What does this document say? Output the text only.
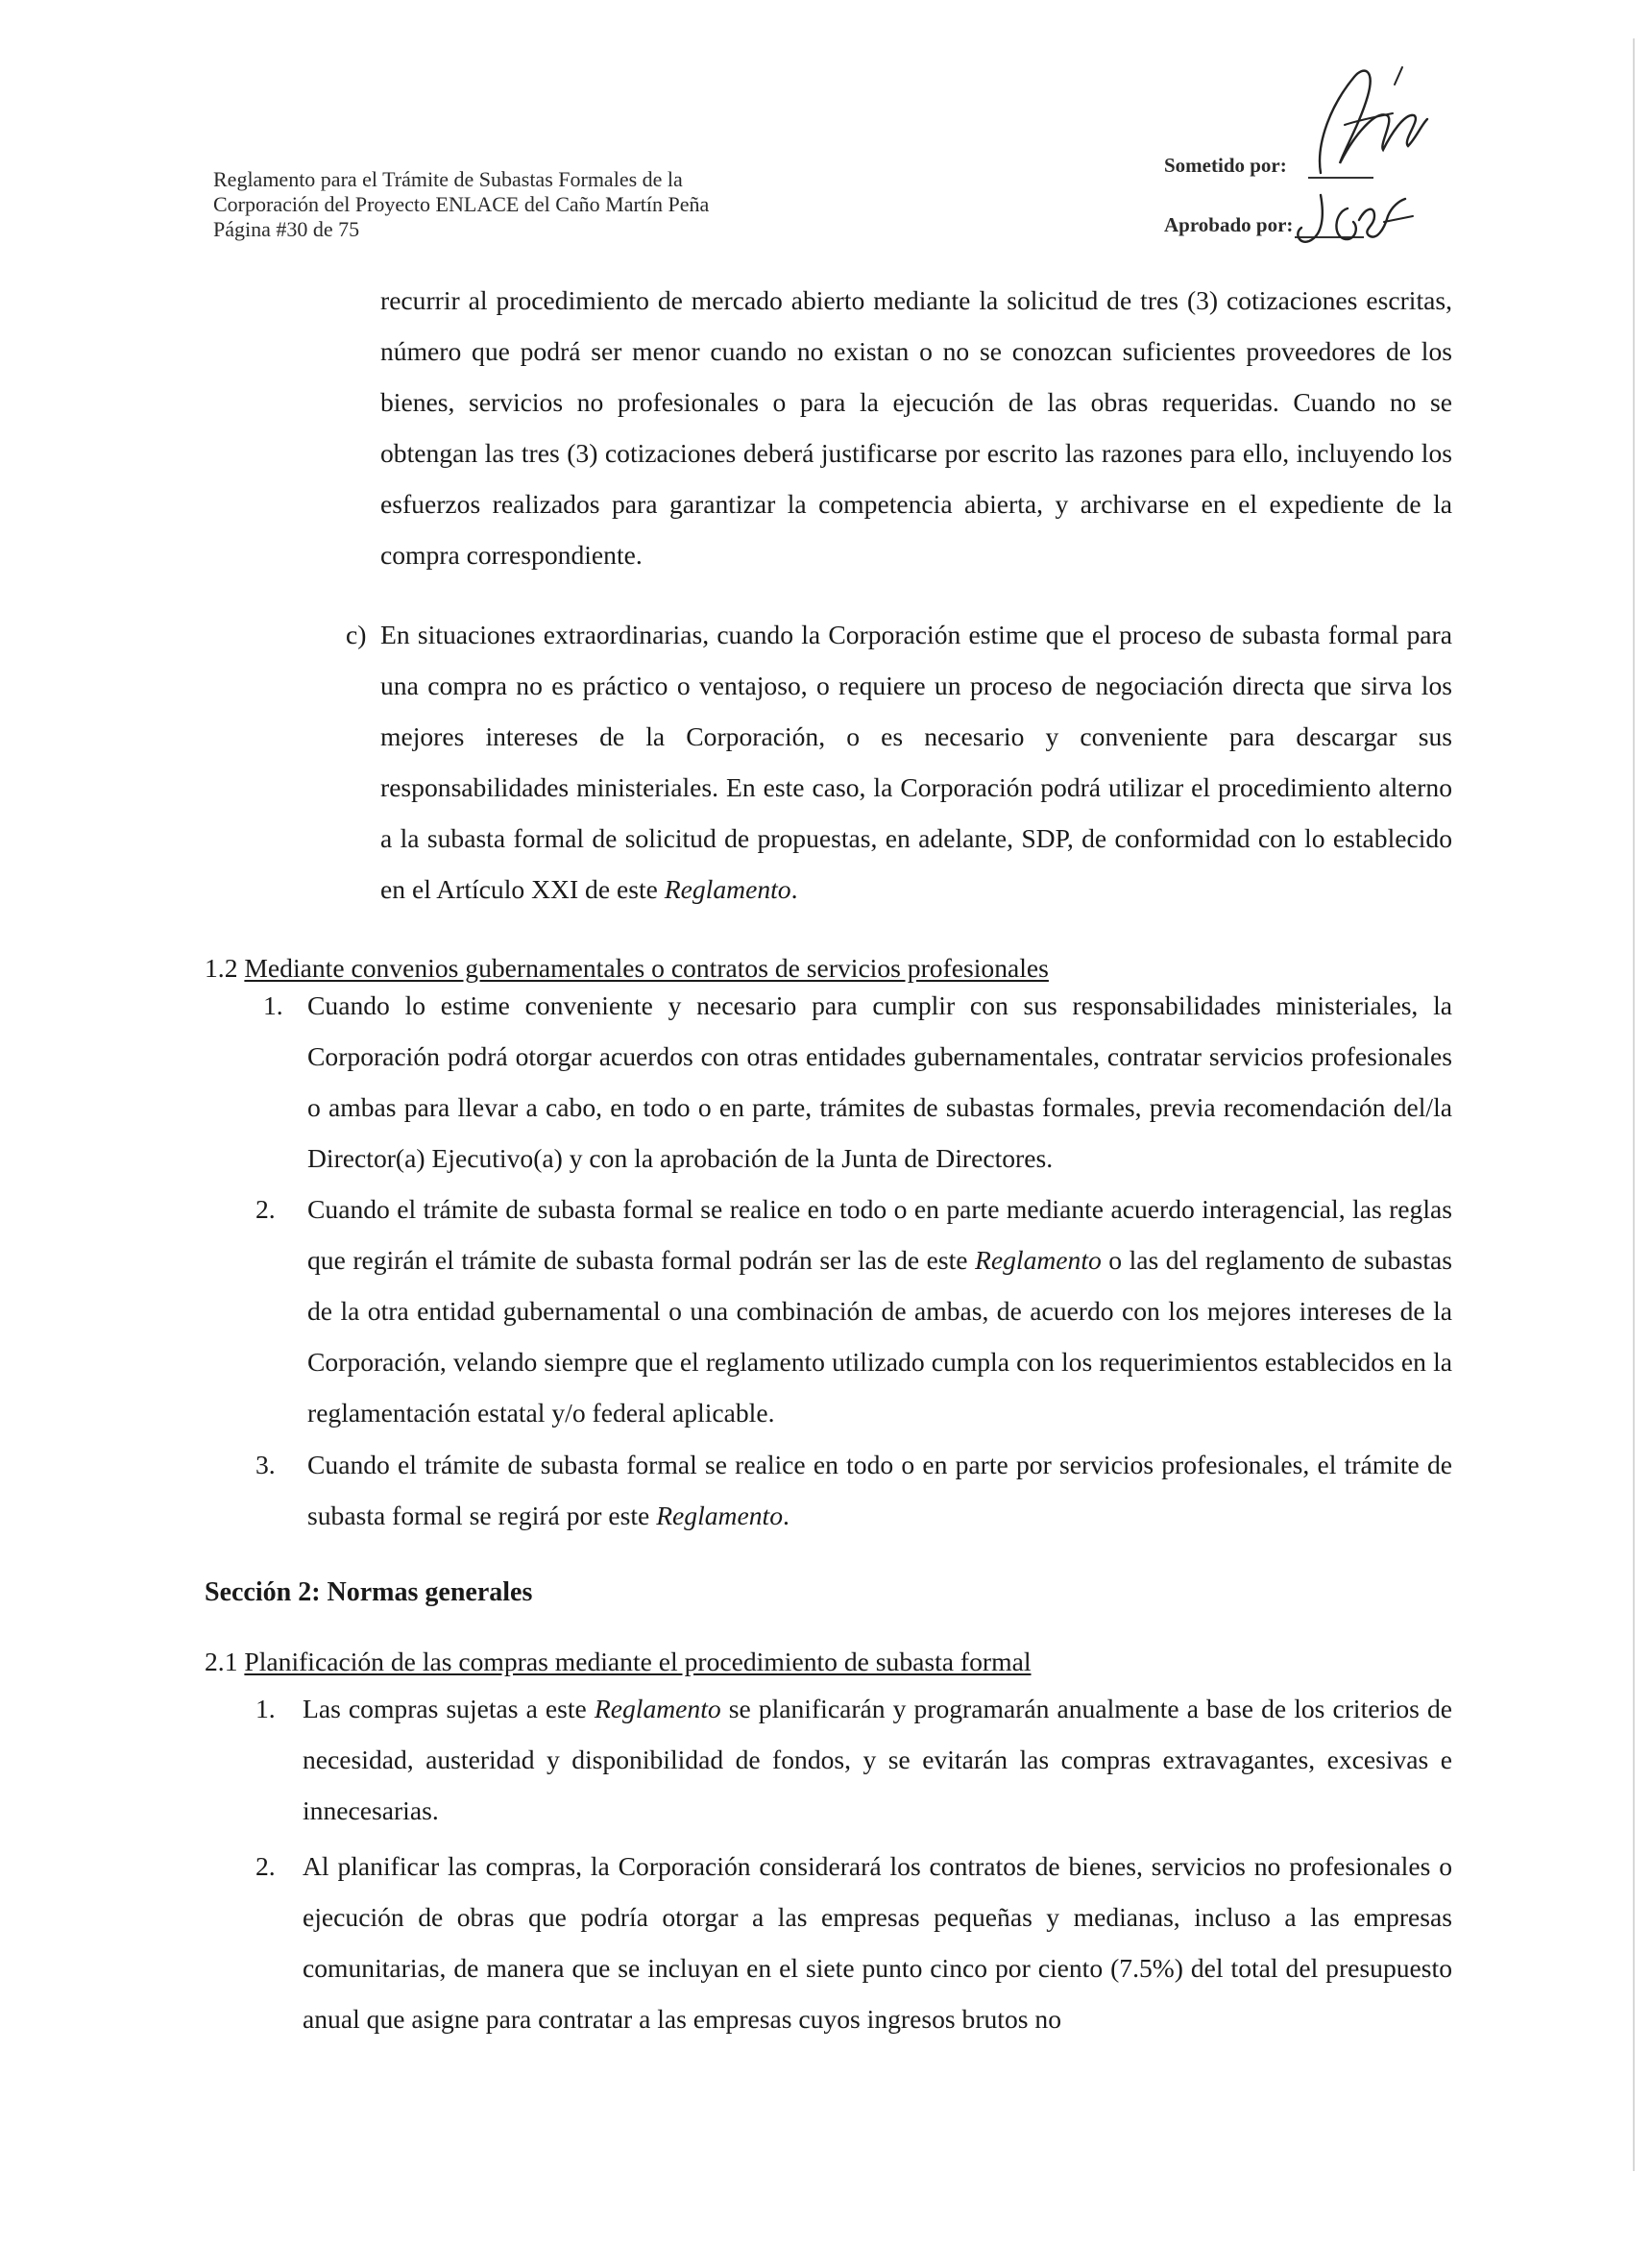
Reglamento para el Trámite de Subastas Formales de la
Corporación del Proyecto ENLACE del Caño Martín Peña
Página #30 de 75
Sometido por:
Aprobado por:
recurrir al procedimiento de mercado abierto mediante la solicitud de tres (3) cotizaciones escritas, número que podrá ser menor cuando no existan o no se conozcan suficientes proveedores de los bienes, servicios no profesionales o para la ejecución de las obras requeridas. Cuando no se obtengan las tres (3) cotizaciones deberá justificarse por escrito las razones para ello, incluyendo los esfuerzos realizados para garantizar la competencia abierta, y archivarse en el expediente de la compra correspondiente.
c) En situaciones extraordinarias, cuando la Corporación estime que el proceso de subasta formal para una compra no es práctico o ventajoso, o requiere un proceso de negociación directa que sirva los mejores intereses de la Corporación, o es necesario y conveniente para descargar sus responsabilidades ministeriales. En este caso, la Corporación podrá utilizar el procedimiento alterno a la subasta formal de solicitud de propuestas, en adelante, SDP, de conformidad con lo establecido en el Artículo XXI de este Reglamento.
1.2 Mediante convenios gubernamentales o contratos de servicios profesionales
1. Cuando lo estime conveniente y necesario para cumplir con sus responsabilidades ministeriales, la Corporación podrá otorgar acuerdos con otras entidades gubernamentales, contratar servicios profesionales o ambas para llevar a cabo, en todo o en parte, trámites de subastas formales, previa recomendación del/la Director(a) Ejecutivo(a) y con la aprobación de la Junta de Directores.
2. Cuando el trámite de subasta formal se realice en todo o en parte mediante acuerdo interagencial, las reglas que regirán el trámite de subasta formal podrán ser las de este Reglamento o las del reglamento de subastas de la otra entidad gubernamental o una combinación de ambas, de acuerdo con los mejores intereses de la Corporación, velando siempre que el reglamento utilizado cumpla con los requerimientos establecidos en la reglamentación estatal y/o federal aplicable.
3. Cuando el trámite de subasta formal se realice en todo o en parte por servicios profesionales, el trámite de subasta formal se regirá por este Reglamento.
Sección 2: Normas generales
2.1 Planificación de las compras mediante el procedimiento de subasta formal
1. Las compras sujetas a este Reglamento se planificarán y programarán anualmente a base de los criterios de necesidad, austeridad y disponibilidad de fondos, y se evitarán las compras extravagantes, excesivas e innecesarias.
2. Al planificar las compras, la Corporación considerará los contratos de bienes, servicios no profesionales o ejecución de obras que podría otorgar a las empresas pequeñas y medianas, incluso a las empresas comunitarias, de manera que se incluyan en el siete punto cinco por ciento (7.5%) del total del presupuesto anual que asigne para contratar a las empresas cuyos ingresos brutos no
